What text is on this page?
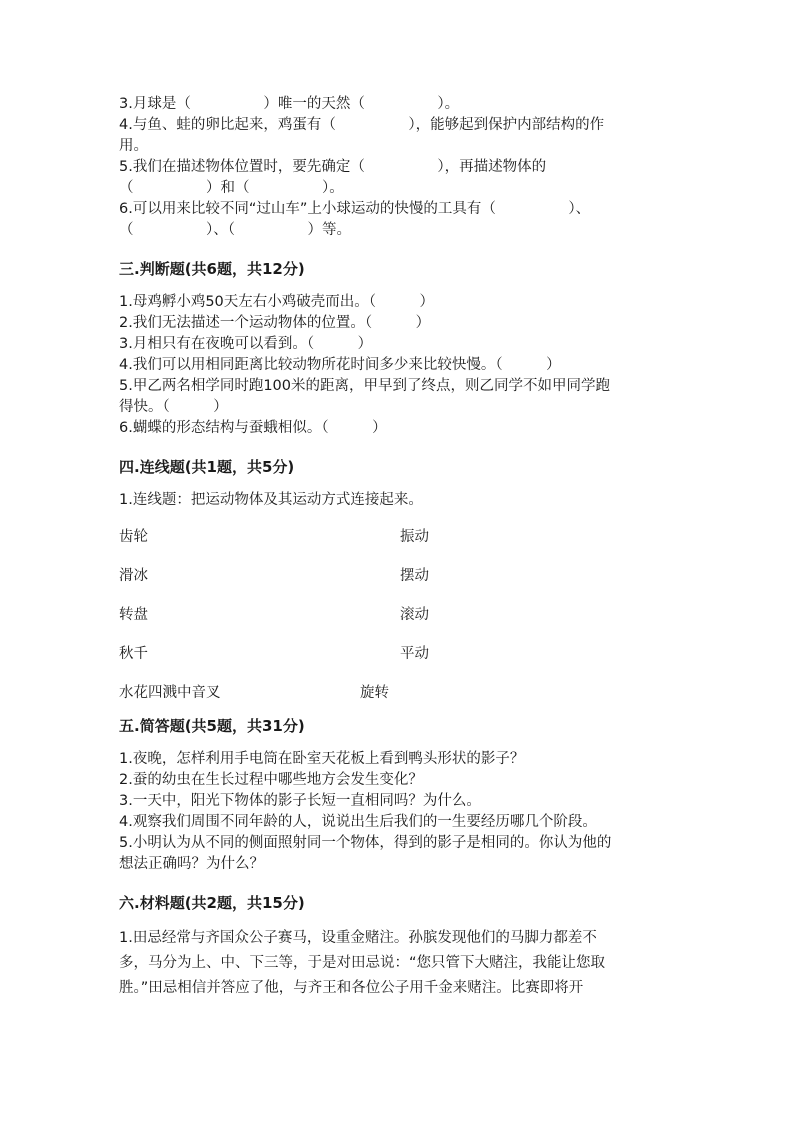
3.月球是（　　　　　）唯一的天然（　　　　　）。
4.与鱼、蛙的卵比起来，鸡蛋有（　　　　　），能够起到保护内部结构的作
用。
5.我们在描述物体位置时，要先确定（　　　　　），再描述物体的
（　　　　　）和（　　　　　）。
6.可以用来比较不同“过山车”上小球运动的快慢的工具有（　　　　　）、
（　　　　　）、（　　　　　）等。
三.判断题(共6题，共12分)
1.母鸡孵小鸡50天左右小鸡破壳而出。（　　　）
2.我们无法描述一个运动物体的位置。（　　　）
3.月相只有在夜晚可以看到。（　　　）
4.我们可以用相同距离比较动物所花时间多少来比较快慢。（　　　）
5.甲乙两名相学同时跑100米的距离，甲早到了终点，则乙同学不如甲同学跑
得快。（　　　）
6.蝴蝶的形态结构与蚕蛾相似。（　　　）
四.连线题(共1题，共5分)
1.连线题：把运动物体及其运动方式连接起来。
齿轮	振动
滑冰	摆动
转盘	滚动
秋千	平动
水花四溅中音叉	旋转
五.简答题(共5题，共31分)
1.夜晚，怎样利用手电筒在卧室天花板上看到鸭头形状的影子？
2.蚕的幼虫在生长过程中哪些地方会发生变化？
3.一天中，阳光下物体的影子长短一直相同吗？为什么。
4.观察我们周围不同年龄的人，说说出生后我们的一生要经历哪几个阶段。
5.小明认为从不同的侧面照射同一个物体，得到的影子是相同的。你认为他的
想法正确吗？为什么？
六.材料题(共2题，共15分)
1.田忌经常与齐国众公子赛马，设重金赌注。孙膑发现他们的马脚力都差不
多，马分为上、中、下三等，于是对田忌说：“您只管下大赌注，我能让您取
胜。”田忌相信并答应了他，与齐王和各位公子用千金来赌注。比赛即将开
